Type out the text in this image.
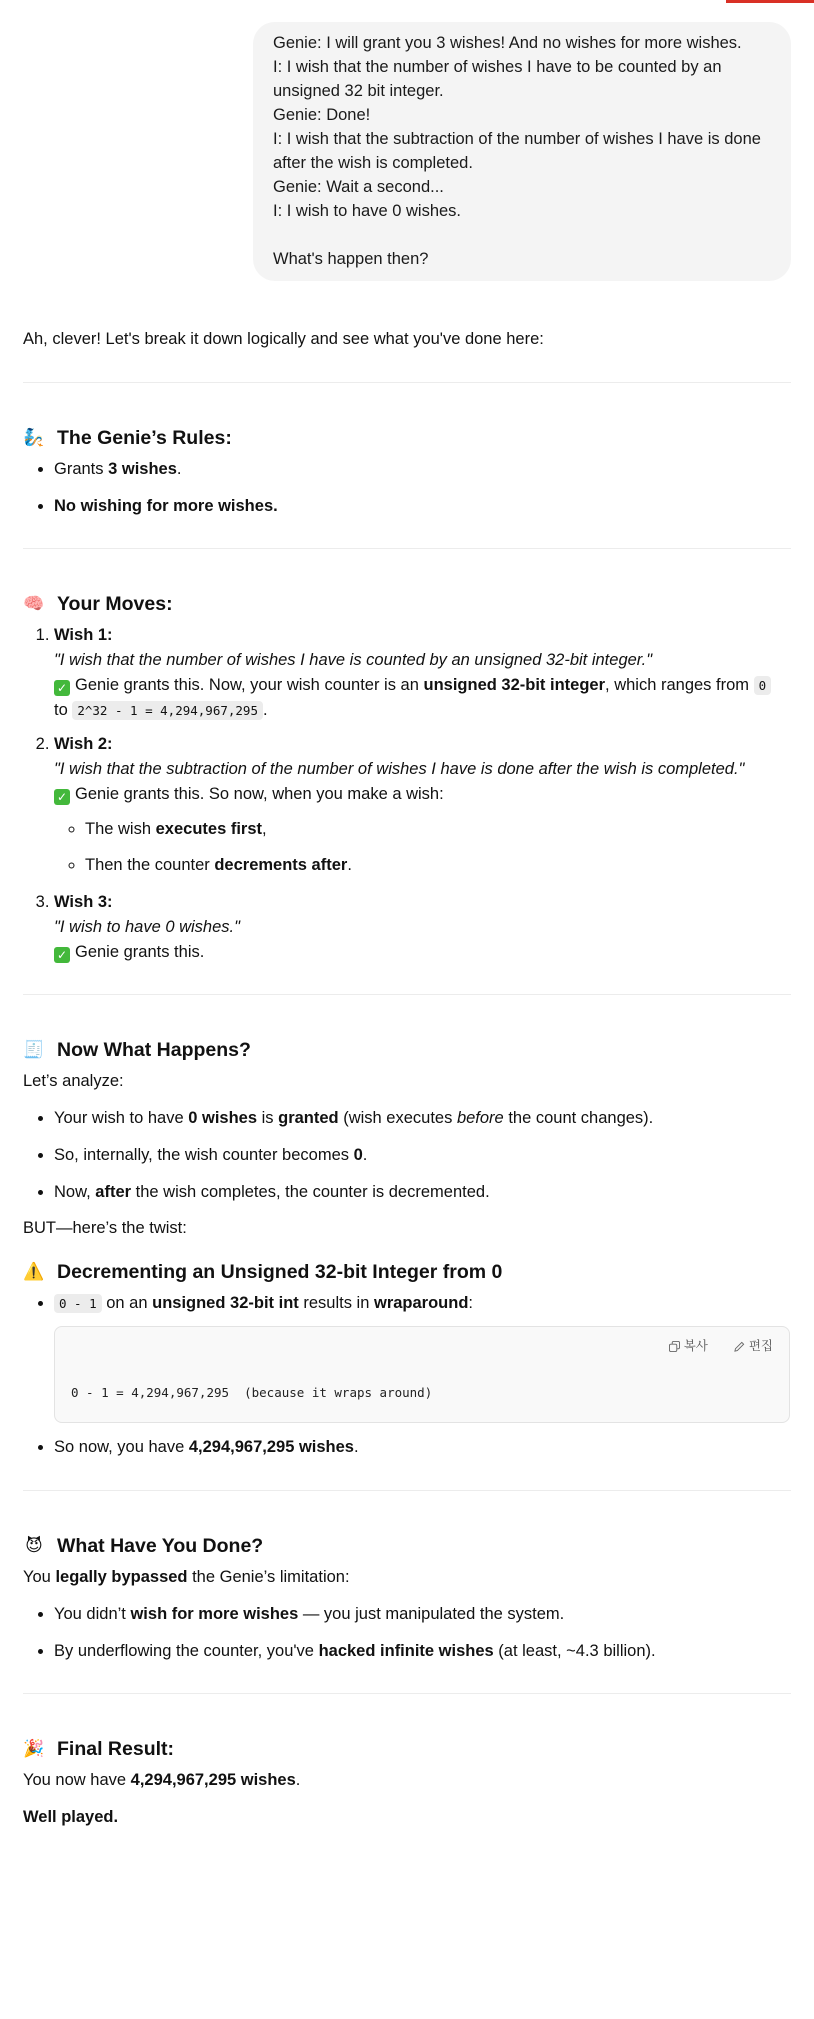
Genie: I will grant you 3 wishes! And no wishes for more wishes.
I: I wish that the number of wishes I have to be counted by an unsigned 32 bit integer.
Genie: Done!
I: I wish that the subtraction of the number of wishes I have is done after the wish is completed.
Genie: Wait a second...
I: I wish to have 0 wishes.
What's happen then?
Ah, clever! Let's break it down logically and see what you've done here:
🧞 The Genie’s Rules:
• Grants 3 wishes.
• No wishing for more wishes.
🧠 Your Moves:
1. Wish 1:
"I wish that the number of wishes I have is counted by an unsigned 32-bit integer."
✓ Genie grants this. Now, your wish counter is an unsigned 32-bit integer, which ranges from 0
to 2^32 - 1 = 4,294,967,295 .
2. Wish 2:
"I wish that the subtraction of the number of wishes I have is done after the wish is completed."
✓ Genie grants this. So now, when you make a wish:
◦ The wish executes first,
◦ Then the counter decrements after.
3. Wish 3:
"I wish to have 0 wishes."
✓ Genie grants this.
🧾 Now What Happens?
Let’s analyze:
• Your wish to have 0 wishes is granted (wish executes before the count changes).
• So, internally, the wish counter becomes 0.
• Now, after the wish completes, the counter is decremented.
BUT—here’s the twist:
⚠️ Decrementing an Unsigned 32-bit Integer from 0
• 0 - 1 on an unsigned 32-bit int results in wraparound:
복사	편집
0 - 1 = 4,294,967,295  (because it wraps around)
• So now, you have 4,294,967,295 wishes.
😈 What Have You Done?
You legally bypassed the Genie’s limitation:
• You didn’t wish for more wishes — you just manipulated the system.
• By underflowing the counter, you've hacked infinite wishes (at least, ~4.3 billion).
🎉 Final Result:
You now have 4,294,967,295 wishes.
Well played.
